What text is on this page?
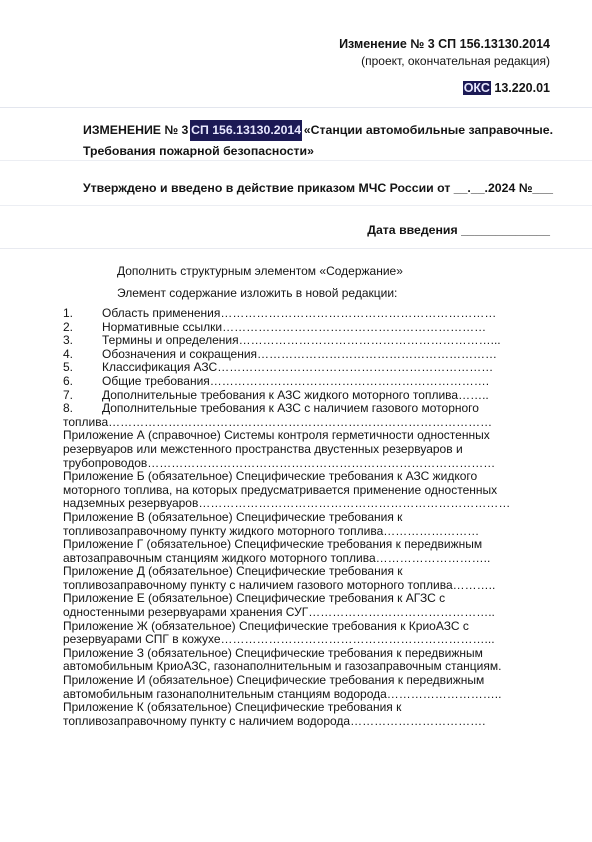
Изменение № 3 СП 156.13130.2014
(проект, окончательная редакция)
ОКС 13.220.01
ИЗМЕНЕНИЕ № 3 СП 156.13130.2014 «Станции автомобильные заправочные.
Требования пожарной безопасности»
Утверждено и введено в действие приказом МЧС России от __.__.2024 №___
Дата введения _____________
Дополнить структурным элементом «Содержание»
Элемент содержание изложить в новой редакции:
1.	Область применения……………………………………………………………
2.	Нормативные ссылки…………………………………………………………
3.	Термины и определения………………………………………………………...
4.	Обозначения и сокращения……………………………………………………
5.	Классификация АЗС……………………………………………………………
6.	Общие требования…………………………………………………………….
7.	Дополнительные требования к АЗС жидкого моторного топлива……..
8.	Дополнительные требования к АЗС с наличием газового моторного
топлива……………………………………………………………………………………
Приложение А (справочное) Системы контроля герметичности одностенных
резервуаров или межстенного пространства двустенных резервуаров и
трубопроводов……………………………………………………………………………
Приложение Б (обязательное) Специфические требования к АЗС жидкого
моторного топлива, на которых предусматривается применение одностенных
надземных резервуаров……………………………………………………………………
Приложение В (обязательное) Специфические требования к
топливозаправочному пункту жидкого моторного топлива……………………
Приложение Г (обязательное) Специфические требования к передвижным
автозаправочным станциям жидкого моторного топлива………………………..
Приложение Д (обязательное) Специфические требования к
топливозаправочному пункту с наличием газового моторного топлива………..
Приложение Е (обязательное) Специфические требования к АГЗС с
одностенными резервуарами хранения СУГ………………………………………..
Приложение Ж (обязательное) Специфические требования к КриоАЗС с
резервуарами СПГ в кожухе…………………………………………………………...
Приложение З (обязательное) Специфические требования к передвижным
автомобильным КриоАЗС, газонаполнительным и газозаправочным станциям.
Приложение И (обязательное) Специфические требования к передвижным
автомобильным газонаполнительным станциям водорода………………………..
Приложение К (обязательное) Специфические требования к
топливозаправочному пункту с наличием водорода…………………………….
